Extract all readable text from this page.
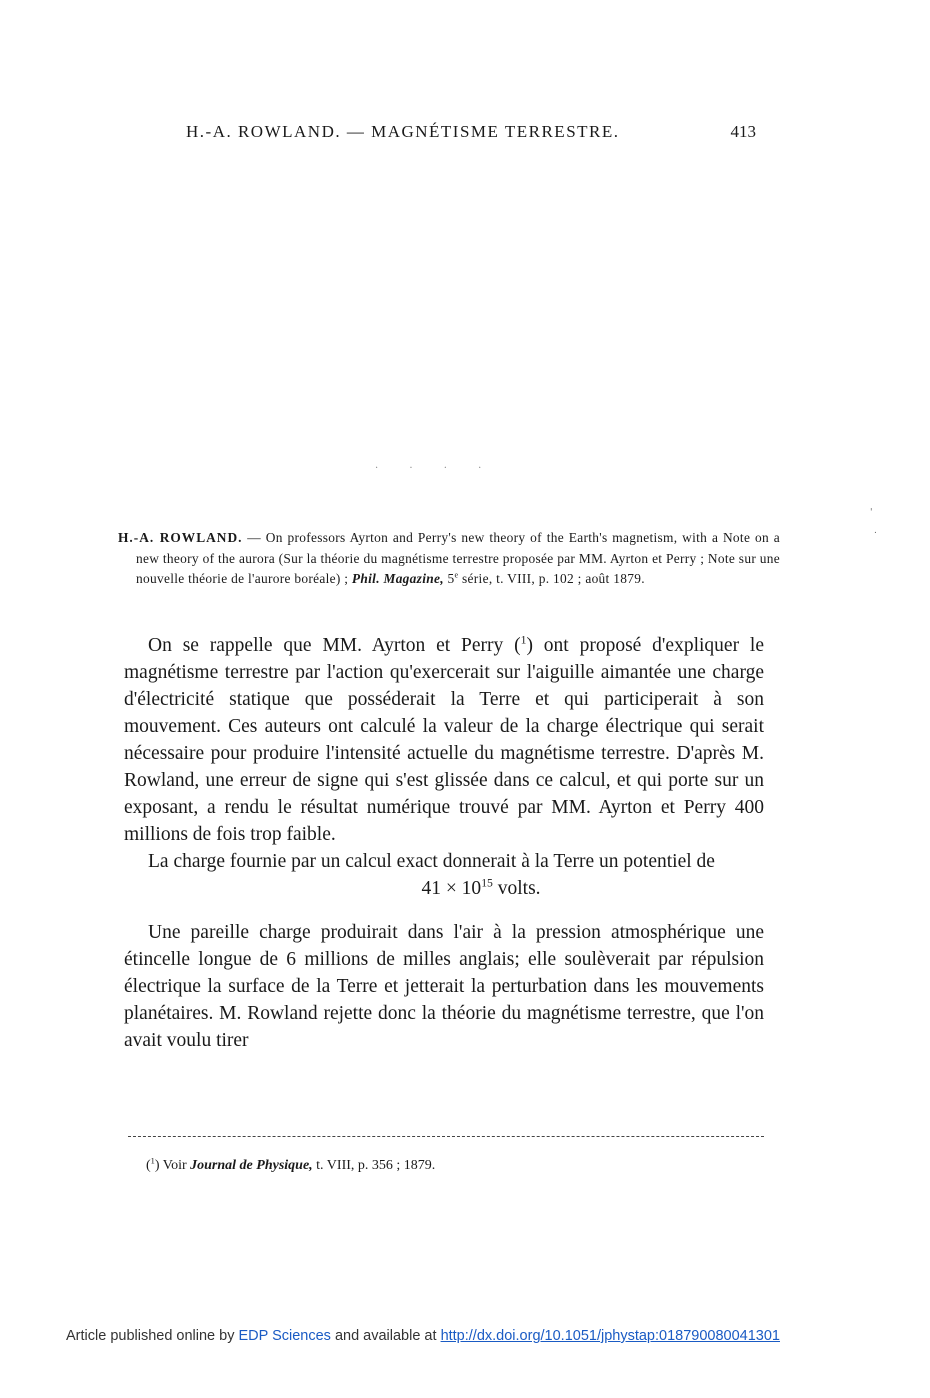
H.-A. ROWLAND. — MAGNÉTISME TERRESTRE.	413
. . . .
'
.
H.-A. ROWLAND. — On professors Ayrton and Perry's new theory of the Earth's magnetism, with a Note on a new theory of the aurora (Sur la théorie du magnétisme terrestre proposée par MM. Ayrton et Perry ; Note sur une nouvelle théorie de l'aurore boréale) ; Phil. Magazine, 5e série, t. VIII, p. 102 ; août 1879.

On se rappelle que MM. Ayrton et Perry ($^1$) ont proposé d'expliquer le magnétisme terrestre par l'action qu'exercerait sur l'aiguille aimantée une charge d'électricité statique que posséderait la Terre et qui participerait à son mouvement. Ces auteurs ont calculé la valeur de la charge électrique qui serait nécessaire pour produire l'intensité actuelle du magnétisme terrestre. D'après M. Rowland, une erreur de signe qui s'est glissée dans ce calcul, et qui porte sur un exposant, a rendu le résultat numérique trouvé par MM. Ayrton et Perry 400 millions de fois trop faible.

La charge fournie par un calcul exact donnerait à la Terre un potentiel de

$41 \times 10^{15}$ volts.

Une pareille charge produirait dans l'air à la pression atmosphérique une étincelle longue de 6 millions de milles anglais; elle soulèverait par répulsion électrique la surface de la Terre et jetterait la perturbation dans les mouvements planétaires. M. Rowland rejette donc la théorie du magnétisme terrestre, que l'on avait voulu tirer

($^1$) Voir Journal de Physique, t. VIII, p. 356 ; 1879.
Article published online by EDP Sciences and available at http://dx.doi.org/10.1051/jphystap:018790080041301
